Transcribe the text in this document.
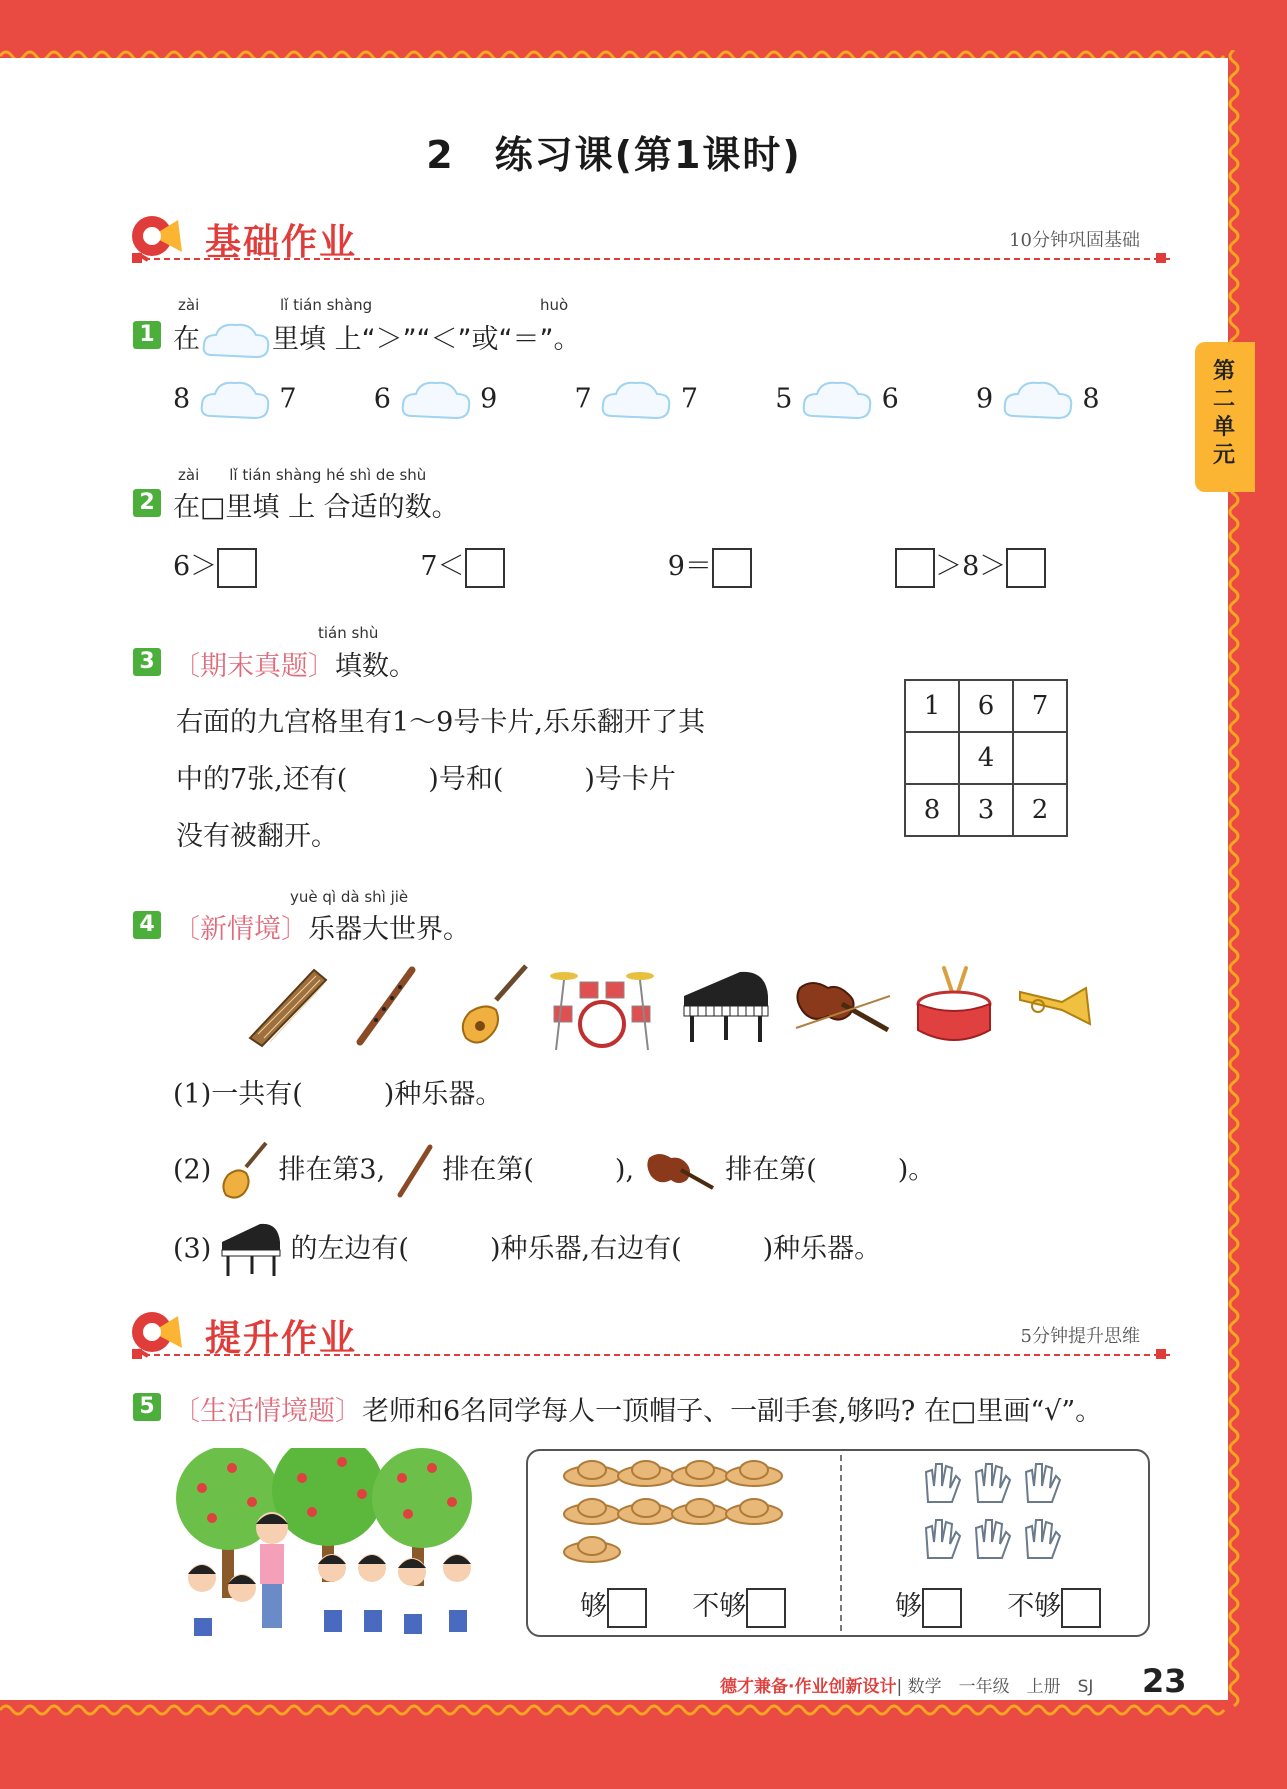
第二单元
2　练习课(第1课时)
基础作业	10分钟巩固基础
zài	lǐ tián shàng	huò
1 在	里填 上“＞”“＜”或“＝”。
8	7	6	9	7	7	5	6	9	8
zài　　lǐ tián shàng hé shì de shù
2 在□里填 上 合适的数。
6＞	7＜	9＝	＞8＞
tián shù
3 〔期末真题〕填数。
右面的九宫格里有1～9号卡片,乐乐翻开了其
中的7张,还有(　　　)号和(　　　)号卡片
没有被翻开。
1	6	7
	4	
8	3	2
yuè qì dà shì jiè
4 〔新情境〕乐器大世界。
(1)一共有(　　　)种乐器。
(2) 排在第3, 排在第(　　　),	排在第(　　　)。
(3)	的左边有(　　　)种乐器,右边有(　　　)种乐器。
提升作业	5分钟提升思维
5 〔生活情境题〕老师和6名同学每人一顶帽子、一副手套,够吗? 在□里画“√”。
够	不够	够	不够
德才兼备·作业创新设计| 数学　一年级　上册　SJ 23
